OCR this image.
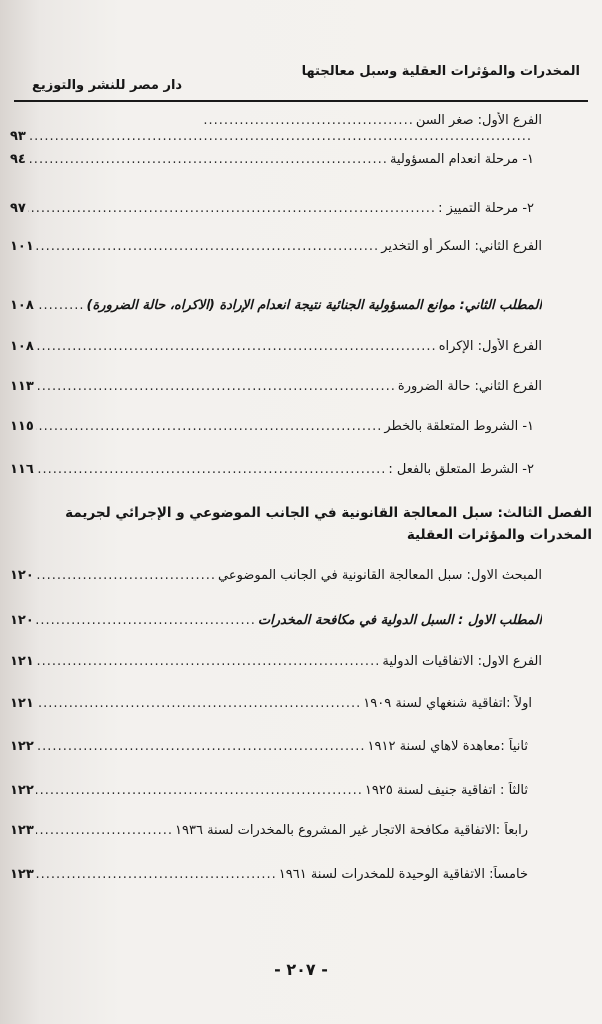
المخدرات والمؤثرات العقلية وسبل معالجتها
دار مصر للنشر والتوزيع
الفرع الأول: صغر السن
.....
.....
٩٣
١- مرحلة انعدام المسؤولية
.....
٩٤
٢- مرحلة التمييز :
.....
٩٧
الفرع الثاني: السكر أو التخدير
.....
١٠١
المطلب الثاني: موانع المسؤولية الجنائية نتيجة انعدام الإرادة (الاكراه، حالة الضرورة)
.....
١٠٨
الفرع الأول: الإكراه
.....
١٠٨
الفرع الثاني: حالة الضرورة
.....
١١٣
١- الشروط المتعلقة بالخطر
.....
١١٥
٢- الشرط المتعلق بالفعل :
.....
١١٦
الفصل الثالث: سبل المعالجة القانونية في الجانب الموضوعي و الإجرائي لجريمة المخدرات والمؤثرات العقلية
المبحث الاول: سبل المعالجة القانونية في الجانب الموضوعي
.....
١٢٠
المطلب الاول : السبل الدولية في مكافحة المخدرات
.....
١٢٠
الفرع الاول: الاتفاقيات الدولية
.....
١٢١
اولاً :اتفاقية شنغهاي لسنة ١٩٠٩
.....
١٢١
ثانياً :معاهدة لاهاي لسنة ١٩١٢
.....
١٢٢
ثالثاً : اتفاقية جنيف لسنة ١٩٢٥
.....
١٢٢
رابعاً :الاتفاقية مكافحة الاتجار غير المشروع بالمخدرات لسنة ١٩٣٦
.....
١٢٣
خامساً: الاتفاقية الوحيدة للمخدرات لسنة ١٩٦١
.....
١٢٣
- ٢٠٧ -
